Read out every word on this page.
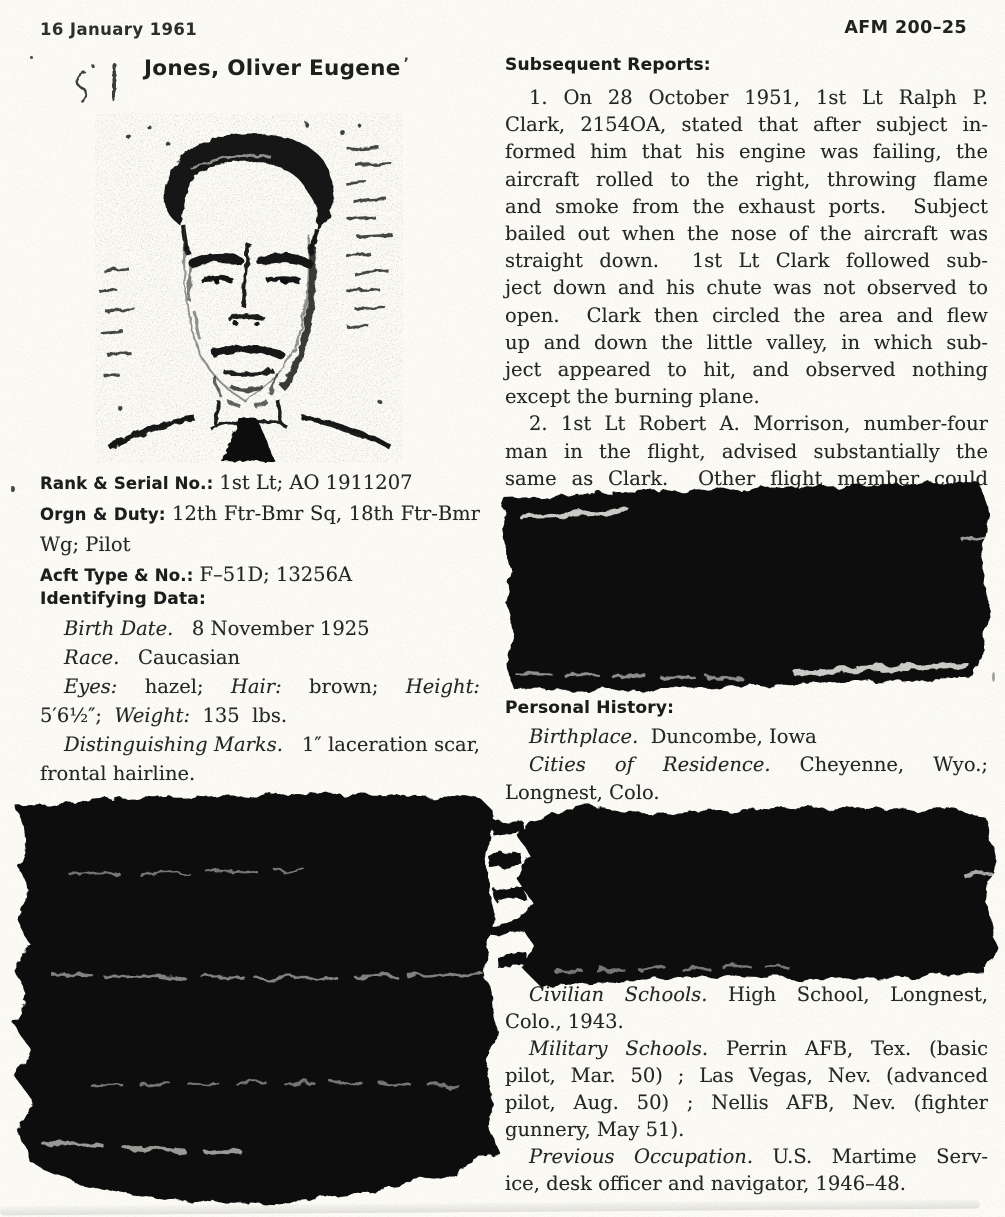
16 January 1961	AFM 200–25
Jones, Oliver Eugene ’
Rank & Serial No.: 1st Lt; AO 1911207
Orgn & Duty: 12th Ftr-Bmr Sq, 18th Ftr-Bmr
Wg; Pilot
Acft Type & No.: F–51D; 13256A
Identifying Data:
Birth Date.   8 November 1925
Race.   Caucasian
Eyes:  hazel;  Hair:  brown;  Height:
5′6½″;  Weight:  135  lbs.
Distinguishing Marks.   1″ laceration scar,
frontal hairline.
Subsequent Reports:
1. On 28 October 1951, 1st Lt Ralph P.
Clark, 2154OA, stated that after subject in-
formed him that his engine was failing, the
aircraft rolled to the right, throwing flame
and smoke from the exhaust ports.  Subject
bailed out when the nose of the aircraft was
straight down.  1st Lt Clark followed sub-
ject down and his chute was not observed to
open.  Clark then circled the area and flew
up and down the little valley, in which sub-
ject appeared to hit, and observed nothing
except the burning plane.
2. 1st Lt Robert A. Morrison, number-four
man in the flight, advised substantially the
same as Clark.  Other flight member could
Personal History:
Birthplace.  Duncombe, Iowa
Cities  of  Residence.  Cheyenne,  Wyo.;
Longnest, Colo.
Civilian Schools. High School, Longnest,
Colo., 1943.
Military Schools. Perrin AFB, Tex. (basic
pilot, Mar. 50) ; Las Vegas, Nev. (advanced
pilot, Aug. 50) ; Nellis AFB, Nev. (fighter
gunnery, May 51).
Previous Occupation. U.S. Martime Serv-
ice, desk officer and navigator, 1946–48.
